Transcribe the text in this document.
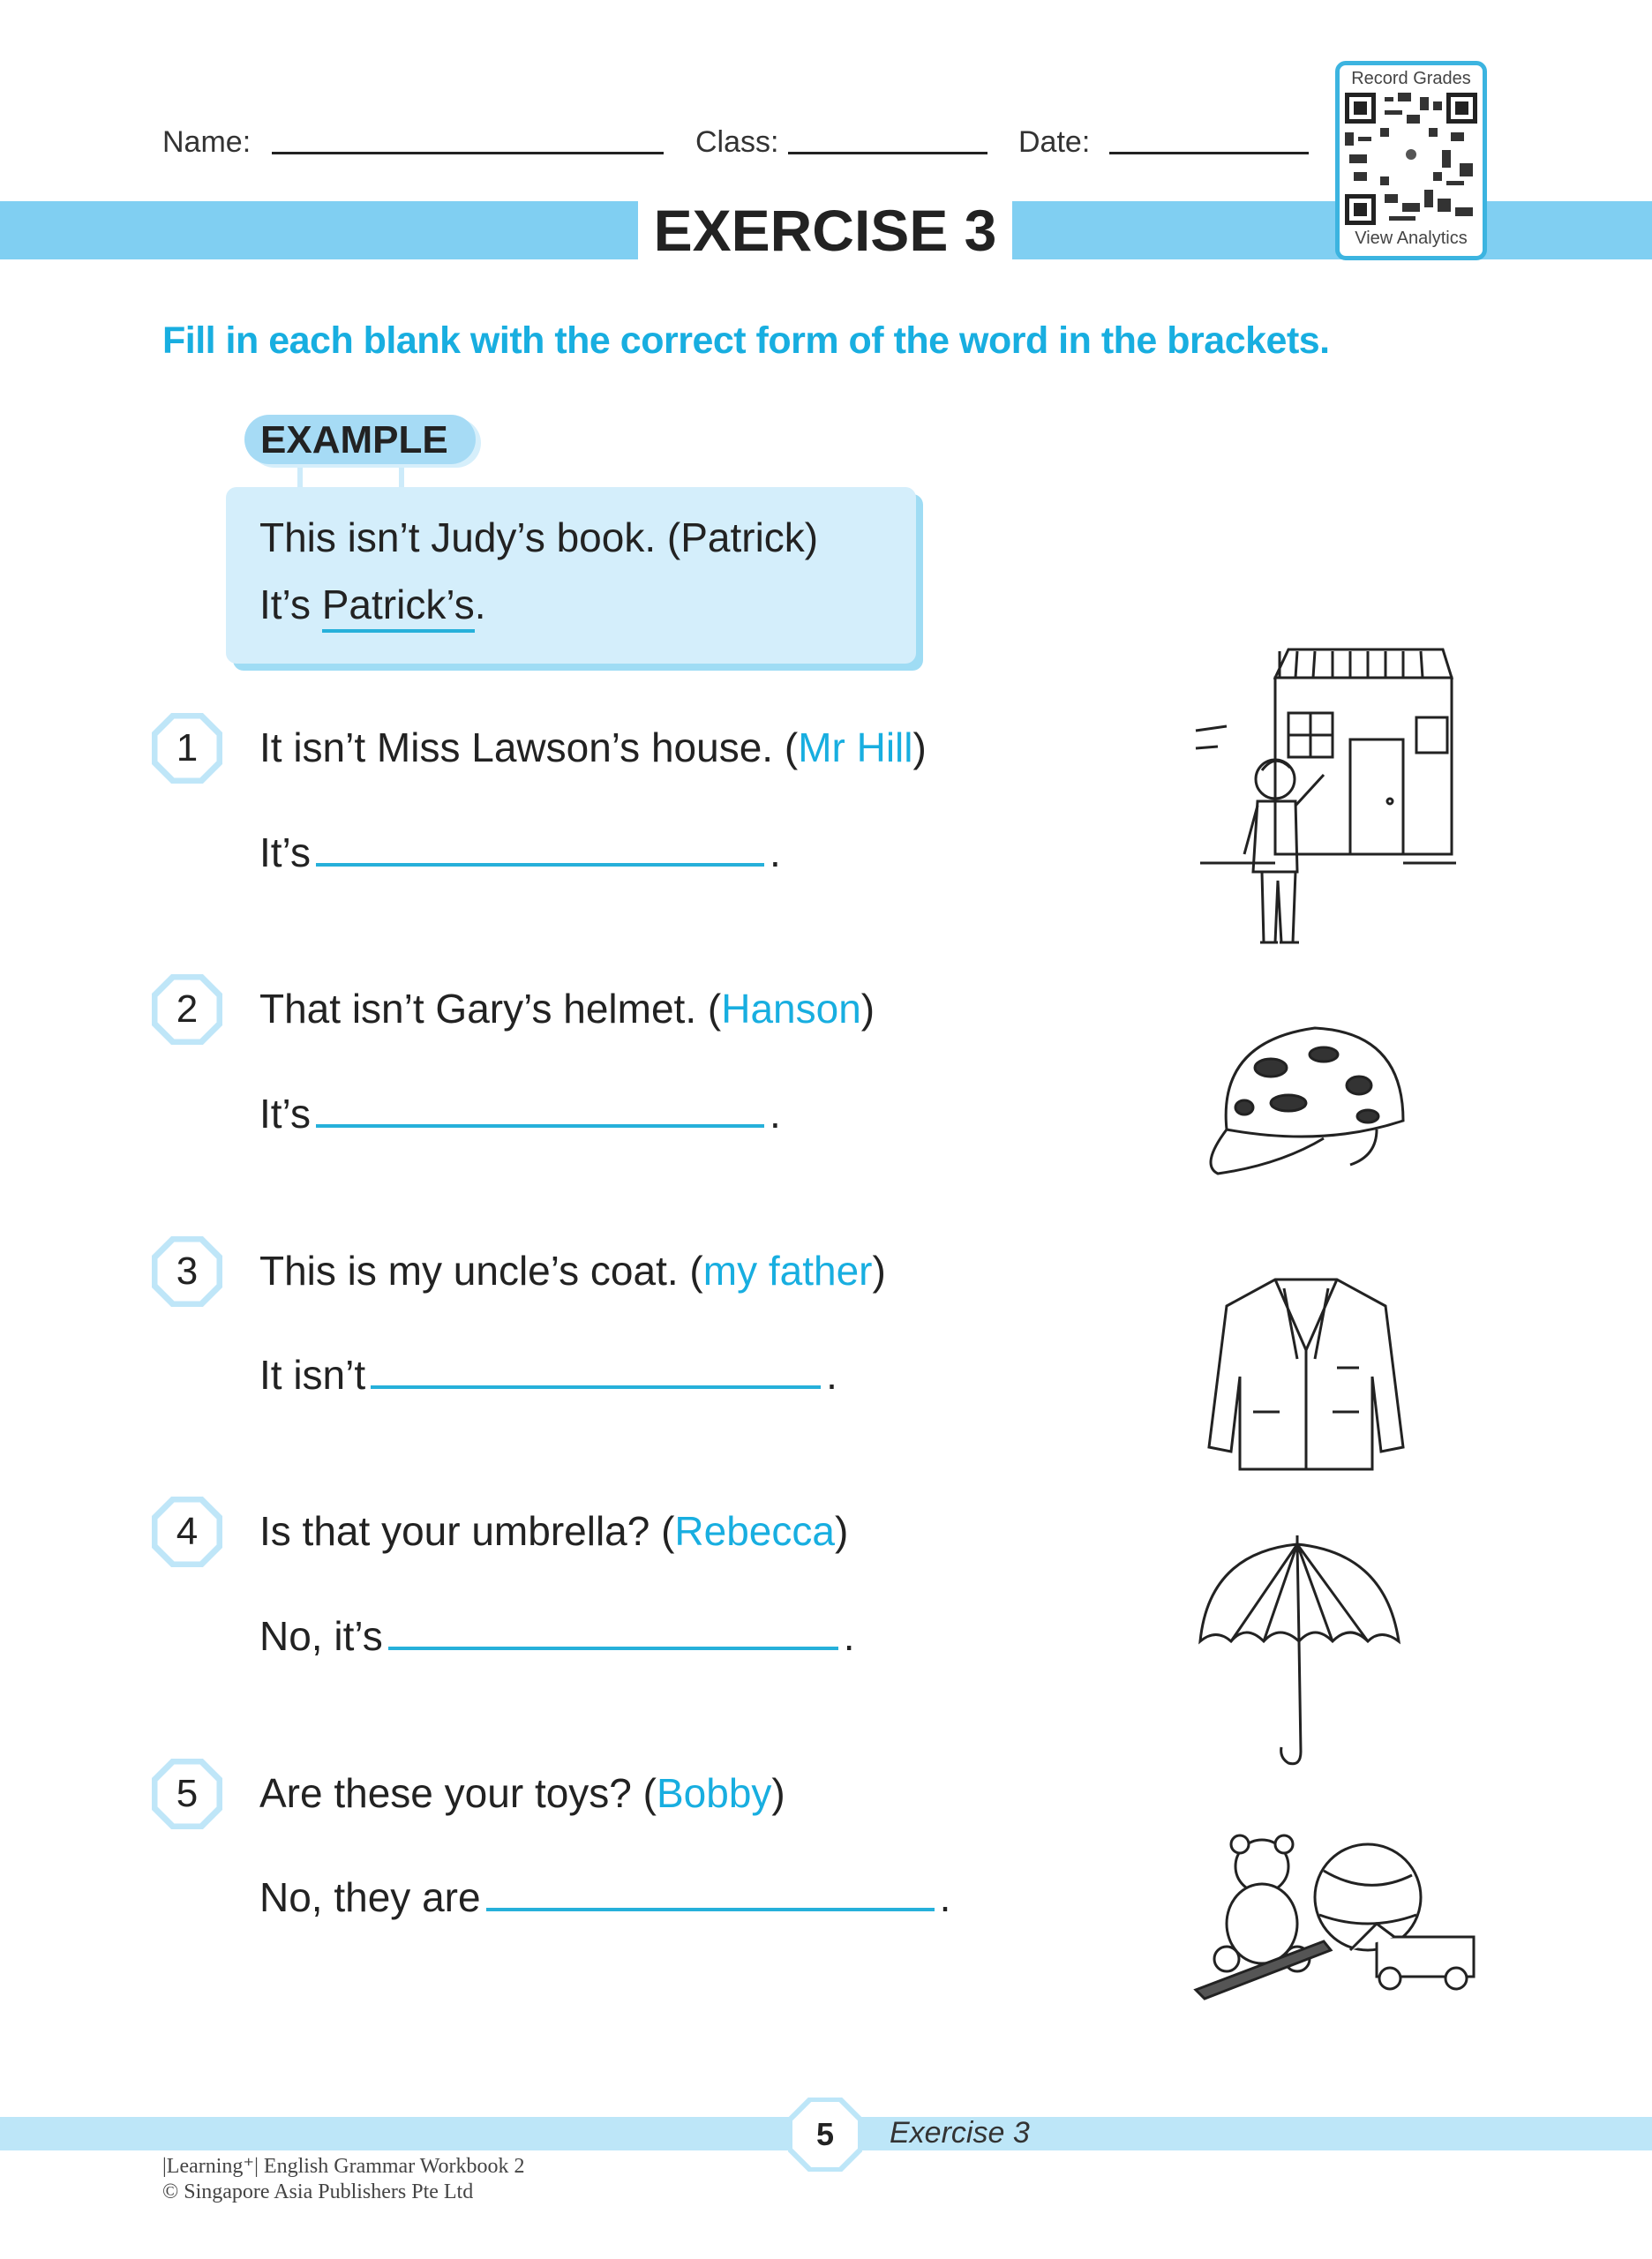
Name:	Class:	Date:
EXERCISE 3
Record Grades
View Analytics
Fill in each blank with the correct form of the word in the brackets.
EXAMPLE
This isn’t Judy’s book. (Patrick)
It’s Patrick’s.
1	It isn’t Miss Lawson’s house. (Mr Hill)
It’s	.
2	That isn’t Gary’s helmet. (Hanson)
It’s	.
3	This is my uncle’s coat. (my father)
It isn’t	.
4	Is that your umbrella? (Rebecca)
No, it’s	.
5	Are these your toys? (Bobby)
No, they are	.
5	Exercise 3
|Learning⁺| English Grammar Workbook 2
© Singapore Asia Publishers Pte Ltd
